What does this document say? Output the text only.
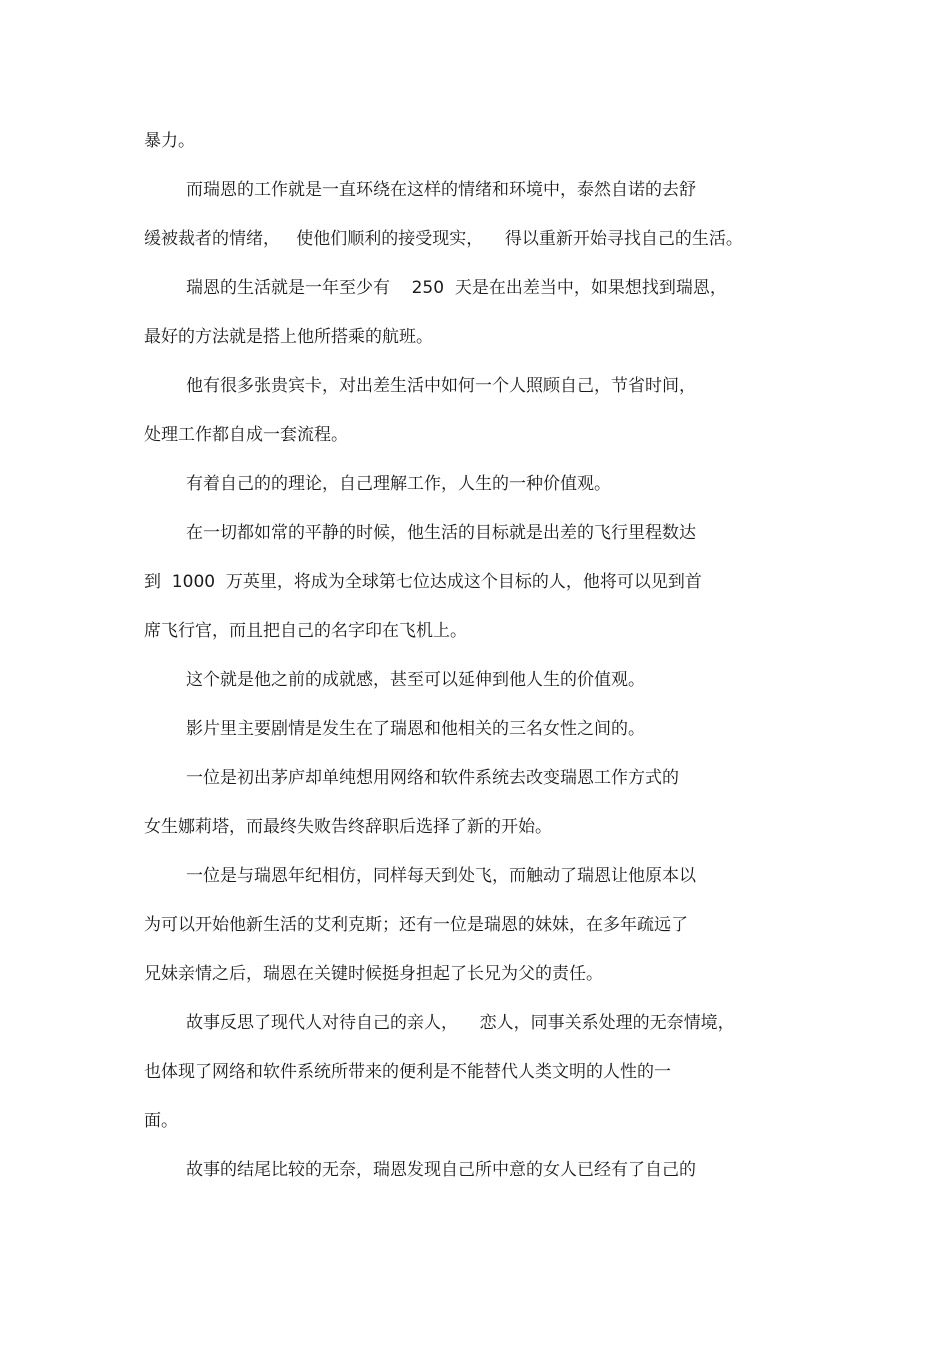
暴力。
而瑞恩的工作就是一直环绕在这样的情绪和环境中，泰然自诺的去舒
缓被裁者的情绪，   使他们顺利的接受现实，    得以重新开始寻找自己的生活。
瑞恩的生活就是一年至少有    250  天是在出差当中，如果想找到瑞恩，
最好的方法就是搭上他所搭乘的航班。
他有很多张贵宾卡，对出差生活中如何一个人照顾自己，节省时间，
处理工作都自成一套流程。
有着自己的的理论，自己理解工作，人生的一种价值观。
在一切都如常的平静的时候，他生活的目标就是出差的飞行里程数达
到  1000  万英里，将成为全球第七位达成这个目标的人，他将可以见到首
席飞行官，而且把自己的名字印在飞机上。
这个就是他之前的成就感，甚至可以延伸到他人生的价值观。
影片里主要剧情是发生在了瑞恩和他相关的三名女性之间的。
一位是初出茅庐却单纯想用网络和软件系统去改变瑞恩工作方式的
女生娜莉塔，而最终失败告终辞职后选择了新的开始。
一位是与瑞恩年纪相仿，同样每天到处飞，而触动了瑞恩让他原本以
为可以开始他新生活的艾利克斯；还有一位是瑞恩的妹妹，在多年疏远了
兄妹亲情之后，瑞恩在关键时候挺身担起了长兄为父的责任。
故事反思了现代人对待自己的亲人，    恋人，同事关系处理的无奈情境，
也体现了网络和软件系统所带来的便利是不能替代人类文明的人性的一
面。
故事的结尾比较的无奈，瑞恩发现自己所中意的女人已经有了自己的
